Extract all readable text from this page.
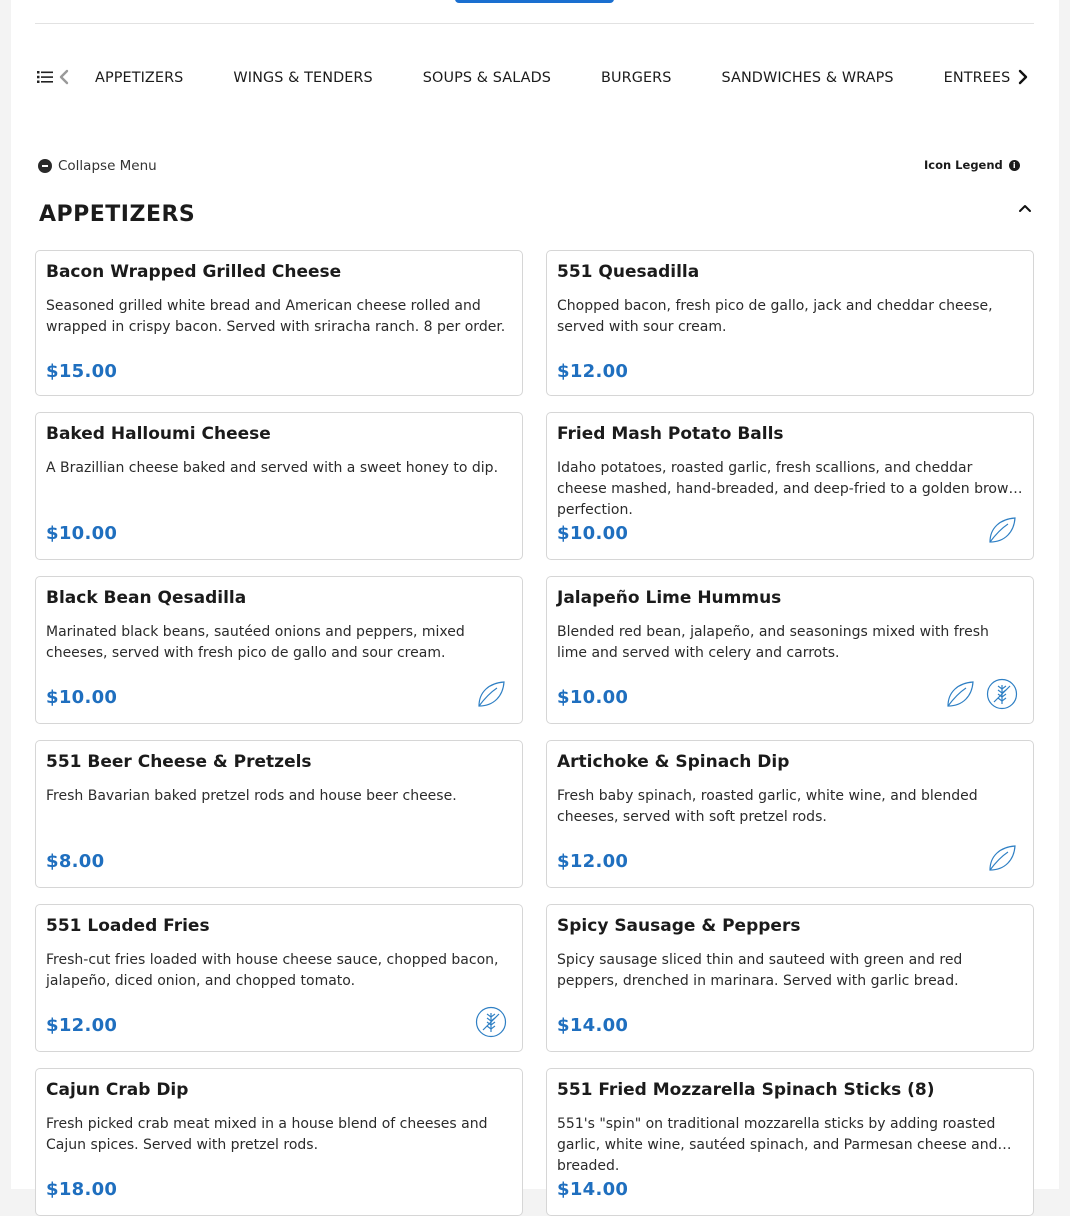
APPETIZERS	WINGS & TENDERS	SOUPS & SALADS	BURGERS	SANDWICHES & WRAPS	ENTREES
Collapse Menu	Icon Legend	i
APPETIZERS
Bacon Wrapped Grilled Cheese
Seasoned grilled white bread and American cheese rolled and wrapped in crispy bacon. Served with sriracha ranch. 8 per order.
$15.00
551 Quesadilla
Chopped bacon, fresh pico de gallo, jack and cheddar cheese, served with sour cream.
$12.00
Baked Halloumi Cheese
A Brazillian cheese baked and served with a sweet honey to dip.
$10.00
Fried Mash Potato Balls
Idaho potatoes, roasted garlic, fresh scallions, and cheddar cheese mashed, hand-breaded, and deep-fried to a golden brown perfection.
$10.00
Black Bean Qesadilla
Marinated black beans, sautéed onions and peppers, mixed cheeses, served with fresh pico de gallo and sour cream.
$10.00
Jalapeño Lime Hummus
Blended red bean, jalapeño, and seasonings mixed with fresh lime and served with celery and carrots.
$10.00
551 Beer Cheese & Pretzels
Fresh Bavarian baked pretzel rods and house beer cheese.
$8.00
Artichoke & Spinach Dip
Fresh baby spinach, roasted garlic, white wine, and blended cheeses, served with soft pretzel rods.
$12.00
551 Loaded Fries
Fresh-cut fries loaded with house cheese sauce, chopped bacon, jalapeño, diced onion, and chopped tomato.
$12.00
Spicy Sausage & Peppers
Spicy sausage sliced thin and sauteed with green and red peppers, drenched in marinara. Served with garlic bread.
$14.00
Cajun Crab Dip
Fresh picked crab meat mixed in a house blend of cheeses and Cajun spices. Served with pretzel rods.
$18.00
551 Fried Mozzarella Spinach Sticks (8)
551's "spin" on traditional mozzarella sticks by adding roasted garlic, white wine, sautéed spinach, and Parmesan cheese and breaded.
$14.00
